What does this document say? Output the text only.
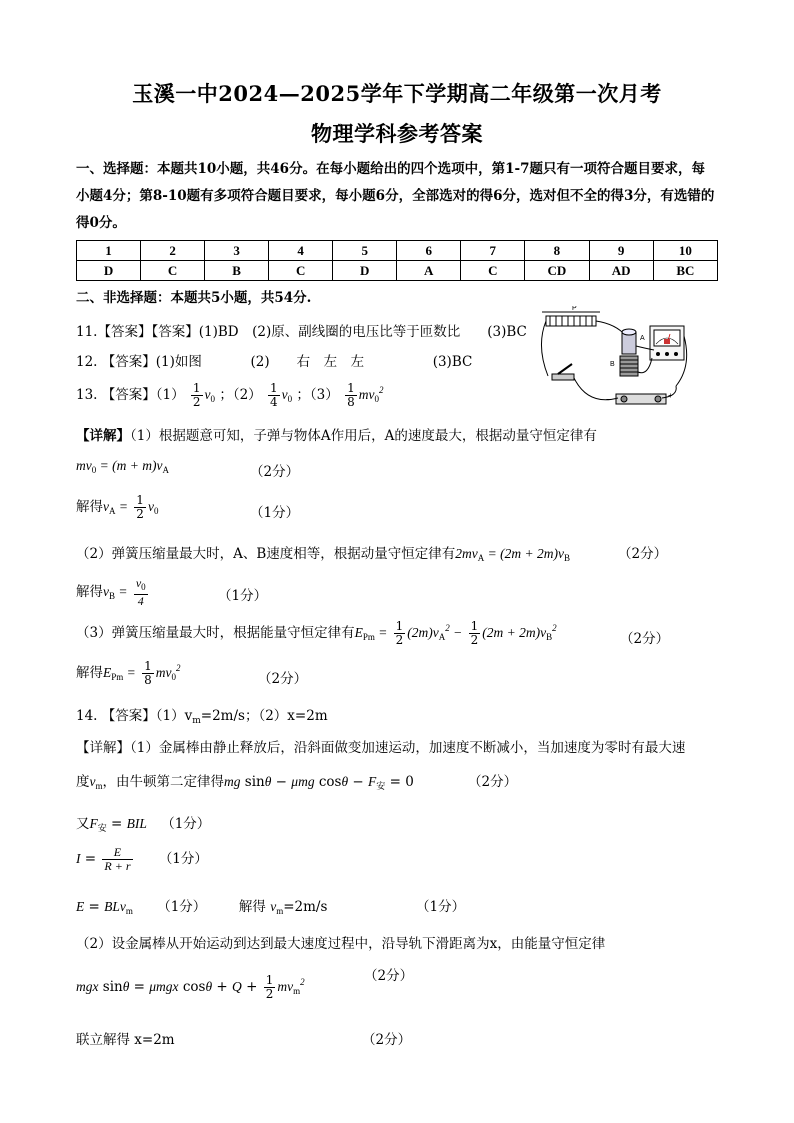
玉溪一中2024—2025学年下学期高二年级第一次月考
物理学科参考答案
一、选择题：本题共10小题，共46分。在每小题给出的四个选项中，第1-7题只有一项符合题目要求，每小题4分；第8-10题有多项符合题目要求，每小题6分，全部选对的得6分，选对但不全的得3分，有选错的得0分。
1	2	3	4	5	6	7	8	9	10
D	C	B	C	D	A	C	CD	AD	BC
二、非选择题：本题共5小题，共54分.
11.【答案】【答案】(1)BD　(2)原、副线圈的电压比等于匝数比　　(3)BC
12. 【答案】(1)如图	(2)　　右　左　左	(3)BC
P
A
B
−	+
13. 【答案】$(1) \frac{1}{2} v_0$ ；$(2) \frac{1}{4} v_0$ ；$(3) \frac{1}{8} mv_0^2$
【详解】（1）根据题意可知，子弹与物体A作用后，A的速度最大，根据动量守恒定律有
$mv_0 = (m + m)v_A$	（2分）
解得$v_A = \frac{1}{2} v_0$	（1分）
（2）弹簧压缩量最大时，A、B速度相等，根据动量守恒定律有$2mv_A = (2m + 2m)v_B$	（2分）
解得$v_B = \frac{v_0}{4}$	（1分）
（3）弹簧压缩量最大时，根据能量守恒定律有$E_{Pm} = \frac{1}{2} (2m)v_A^2 - \frac{1}{2} (2m + 2m)v_B^2$
（2分）
解得$E_{Pm} = \frac{1}{8} mv_0^2$
（2分）
14. 【答案】$(1)v_m=2m/s$；（2）x=2m
【详解】（1）金属棒由静止释放后，沿斜面做变加速运动，加速度不断减小，当加速度为零时有最大速
度$v_m$，由牛顿第二定律得mg sinθ − μmg $\cos\theta - F_安 = 0$	（2分）
又$F_安$ = BIL （1分）
$I = \frac{E}{R + r} (1$分）
E = BLv$_m$ （1分） 解得 $v_m=2m/s$	（1分）
（2）设金属棒从开始运动到达到最大速度过程中，沿导轨下滑距离为x，由能量守恒定律
（2分）
mgx sinθ = μmgx $\cos\theta + Q + \frac{1}{2} mv_m^2$
联立解得 x=2m	（2分）
